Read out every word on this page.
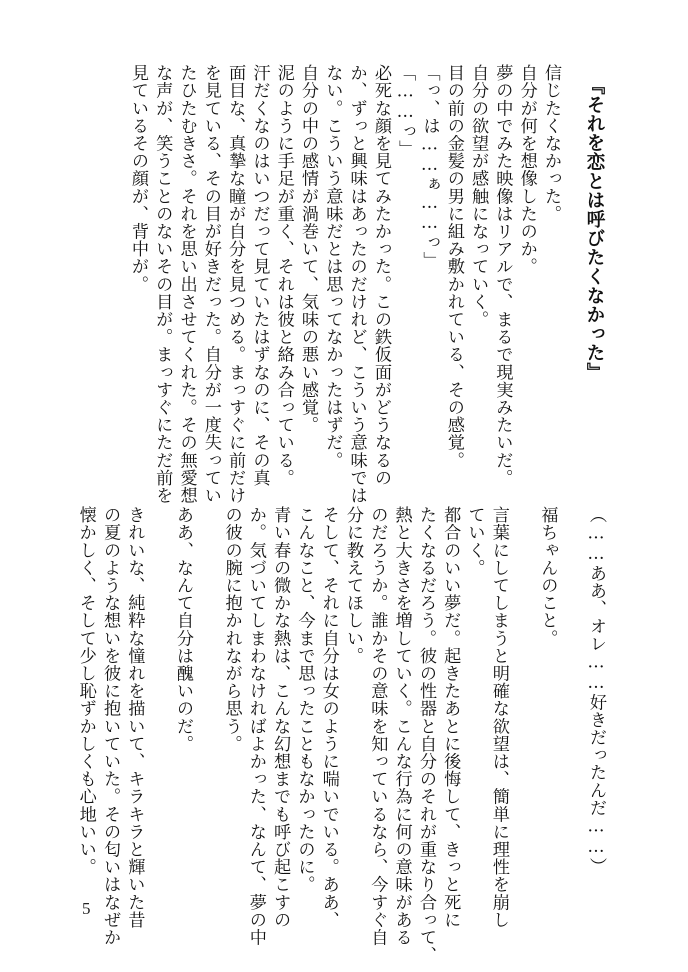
『それを恋とは呼びたくなかった』
信じたくなかった。
自分が何を想像したのか。
夢の中でみた映像はリアルで、まるで現実みたいだ。
自分の欲望が感触になっていく。
目の前の金髪の男に組み敷かれている、その感覚。
「っ、は……ぁ……っ」
「……っ」
必死な顔を見てみたかった。この鉄仮面がどうなるの
か、ずっと興味はあったのだけれど、こういう意味では
ない。こういう意味だとは思ってなかったはずだ。
自分の中の感情が渦巻いて、気味の悪い感覚。
泥のように手足が重く、それは彼と絡み合っている。
汗だくなのはいつだって見ていたはずなのに、その真
面目な、真摯な瞳が自分を見つめる。まっすぐに前だけ
を見ている、その目が好きだった。自分が一度失ってい
たひたむきさ。それを思い出させてくれた。その無愛想
な声が、笑うことのないその目が。まっすぐにただ前を
見ているその顔が、背中が。
（……ああ、オレ……好きだったんだ……）

福ちゃんのこと。

言葉にしてしまうと明確な欲望は、簡単に理性を崩し
ていく。
都合のいい夢だ。起きたあとに後悔して、きっと死に
たくなるだろう。彼の性器と自分のそれが重なり合って、
熱と大きさを増していく。こんな行為に何の意味がある
のだろうか。誰かその意味を知っているなら、今すぐ自
分に教えてほしい。
そして、それに自分は女のように喘いでいる。ああ、
こんなこと、今まで思ったこともなかったのに。
青い春の微かな熱は、こんな幻想までも呼び起こすの
か。気づいてしまわなければよかった、なんて、夢の中
の彼の腕に抱かれながら思う。

ああ、なんて自分は醜いのだ。

きれいな、純粋な憧れを描いて、キラキラと輝いた昔
の夏のような想いを彼に抱いていた。その匂いはなぜか
懐かしく、そして少し恥ずかしくも心地いい。
5
